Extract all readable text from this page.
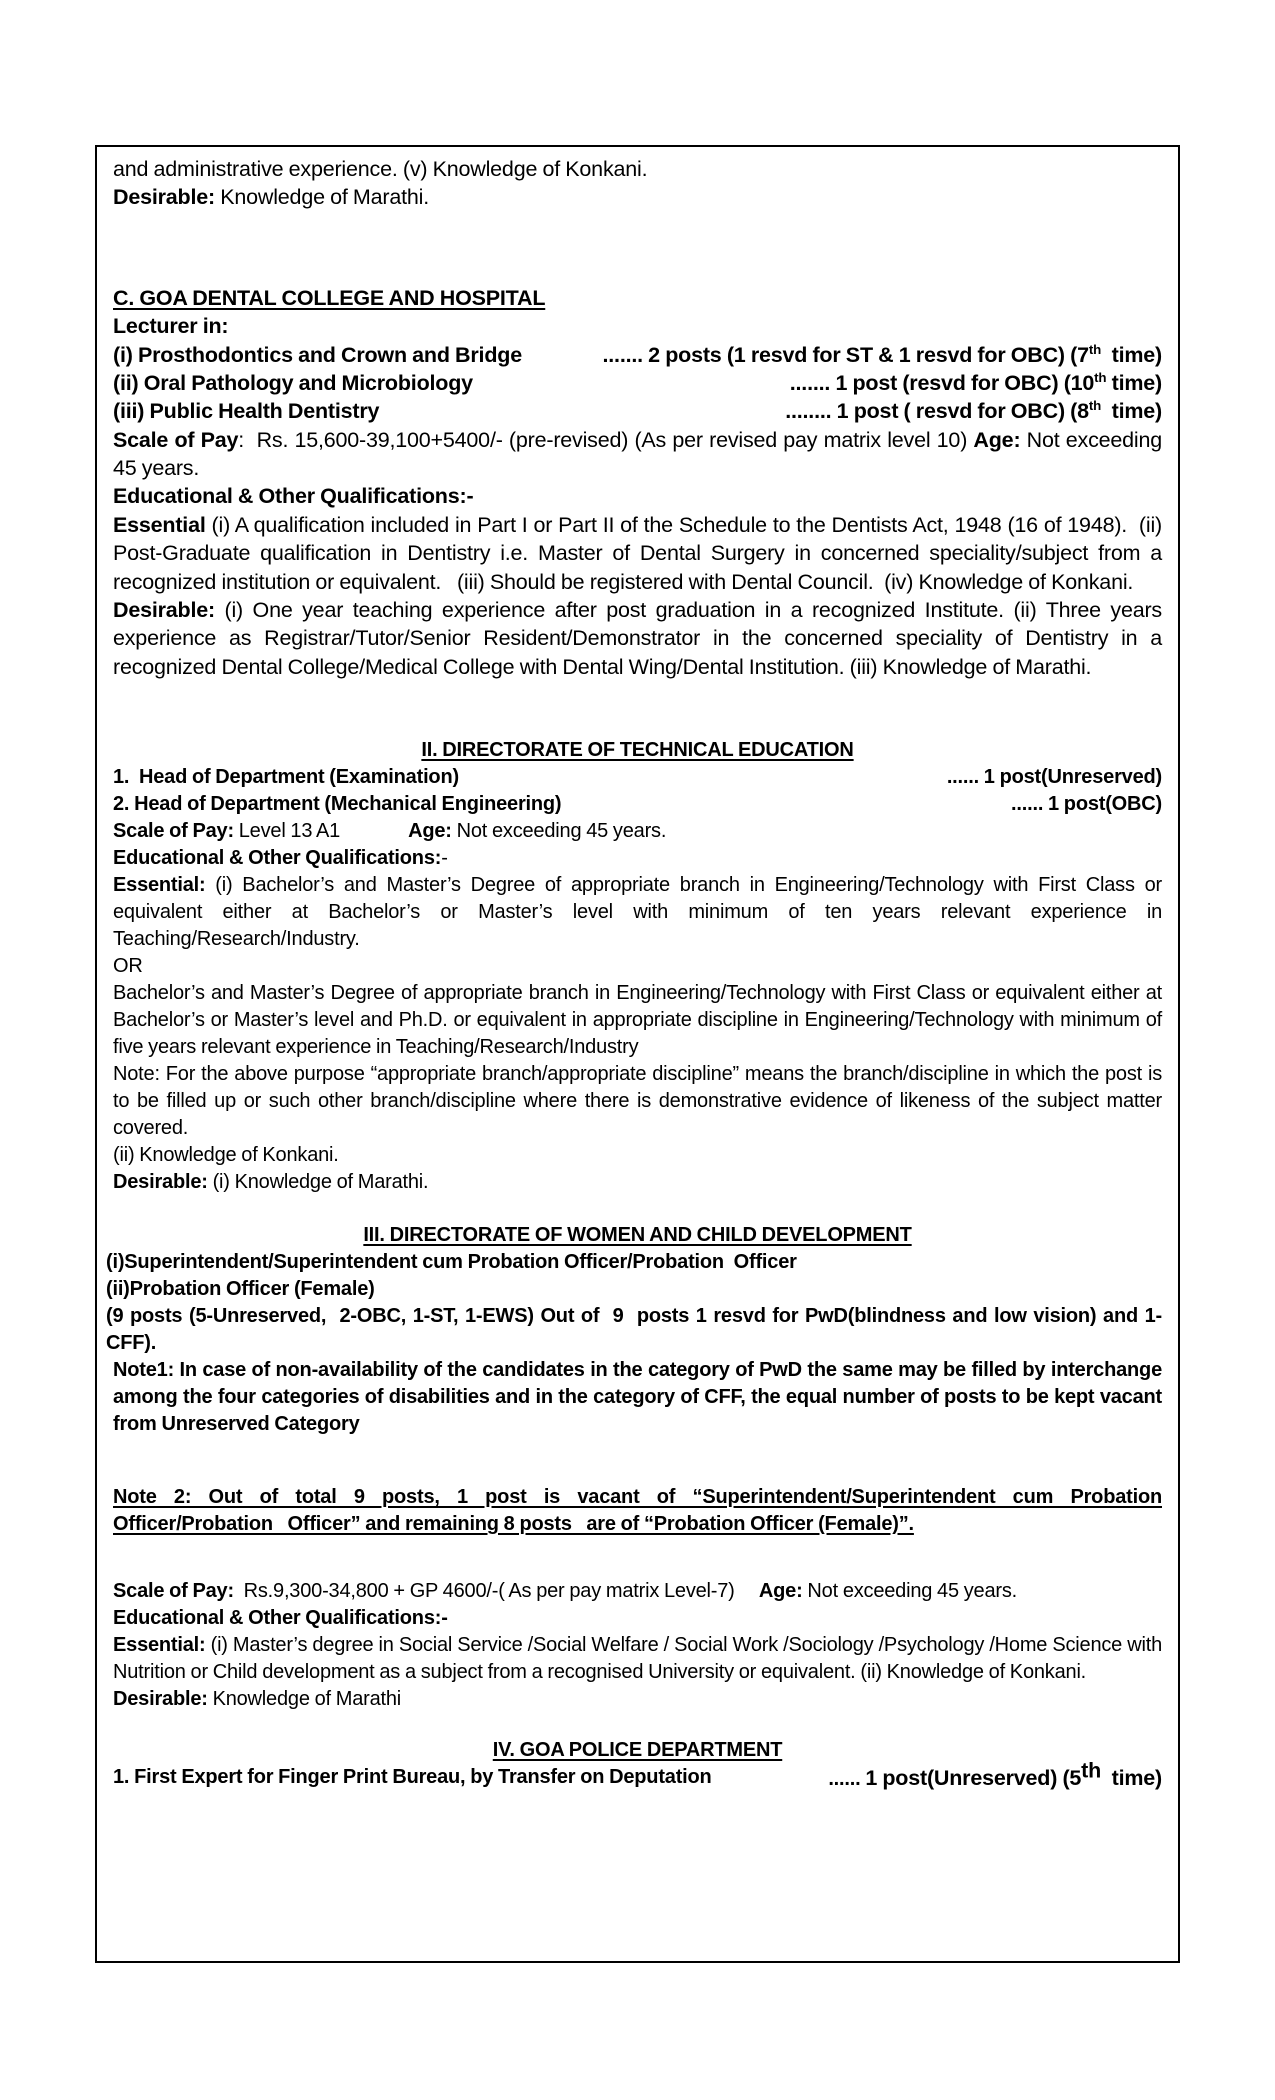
and administrative experience. (v) Knowledge of Konkani.
Desirable: Knowledge of Marathi.
C. GOA DENTAL COLLEGE AND HOSPITAL
Lecturer in:
(i) Prosthodontics and Crown and Bridge	....... 2 posts (1 resvd for ST & 1 resvd for OBC) (7th  time)
(ii) Oral Pathology and Microbiology	....... 1 post (resvd for OBC) (10th time)
(iii) Public Health Dentistry	........ 1 post ( resvd for OBC) (8th  time)
Scale of Pay:  Rs. 15,600-39,100+5400/- (pre-revised) (As per revised pay matrix level 10) Age: Not exceeding 45 years.
Educational & Other Qualifications:-
Essential (i) A qualification included in Part I or Part II of the Schedule to the Dentists Act, 1948 (16 of 1948).  (ii) Post-Graduate qualification in Dentistry i.e. Master of Dental Surgery in concerned speciality/subject from a recognized institution or equivalent.   (iii) Should be registered with Dental Council.  (iv) Knowledge of Konkani.
Desirable: (i) One year teaching experience after post graduation in a recognized Institute. (ii) Three years experience as Registrar/Tutor/Senior Resident/Demonstrator in the concerned speciality of Dentistry in a recognized Dental College/Medical College with Dental Wing/Dental Institution. (iii) Knowledge of Marathi.
II. DIRECTORATE OF TECHNICAL EDUCATION
1.  Head of Department (Examination)	...... 1 post(Unreserved)
2. Head of Department (Mechanical Engineering)	...... 1 post(OBC)
Scale of Pay: Level 13 A1              Age: Not exceeding 45 years.
Educational & Other Qualifications:-
Essential: (i) Bachelor’s and Master’s Degree of appropriate branch in Engineering/Technology with First Class or equivalent either at Bachelor’s or Master’s level with minimum of ten years relevant experience in Teaching/Research/Industry.
OR
Bachelor’s and Master’s Degree of appropriate branch in Engineering/Technology with First Class or equivalent either at Bachelor’s or Master’s level and Ph.D. or equivalent in appropriate discipline in Engineering/Technology with minimum of five years relevant experience in Teaching/Research/Industry
Note: For the above purpose “appropriate branch/appropriate discipline” means the branch/discipline in which the post is to be filled up or such other branch/discipline where there is demonstrative evidence of likeness of the subject matter covered.
(ii) Knowledge of Konkani.
Desirable: (i) Knowledge of Marathi.
III. DIRECTORATE OF WOMEN AND CHILD DEVELOPMENT
(i)Superintendent/Superintendent cum Probation Officer/Probation  Officer
(ii)Probation Officer (Female)
(9 posts (5-Unreserved,  2-OBC, 1-ST, 1-EWS) Out of  9  posts 1 resvd for PwD(blindness and low vision) and 1-CFF).
Note1: In case of non-availability of the candidates in the category of PwD the same may be filled by interchange among the four categories of disabilities and in the category of CFF, the equal number of posts to be kept vacant from Unreserved Category
Note 2: Out of total 9 posts, 1 post is vacant of “Superintendent/Superintendent cum Probation Officer/Probation   Officer” and remaining 8 posts   are of “Probation Officer (Female)”.
Scale of Pay:  Rs.9,300-34,800 + GP 4600/-( As per pay matrix Level-7)     Age: Not exceeding 45 years.
Educational & Other Qualifications:-
Essential: (i) Master’s degree in Social Service /Social Welfare / Social Work /Sociology /Psychology /Home Science with Nutrition or Child development as a subject from a recognised University or equivalent. (ii) Knowledge of Konkani.
Desirable: Knowledge of Marathi
IV. GOA POLICE DEPARTMENT
1. First Expert for Finger Print Bureau, by Transfer on Deputation	...... 1 post(Unreserved) (5th  time)
